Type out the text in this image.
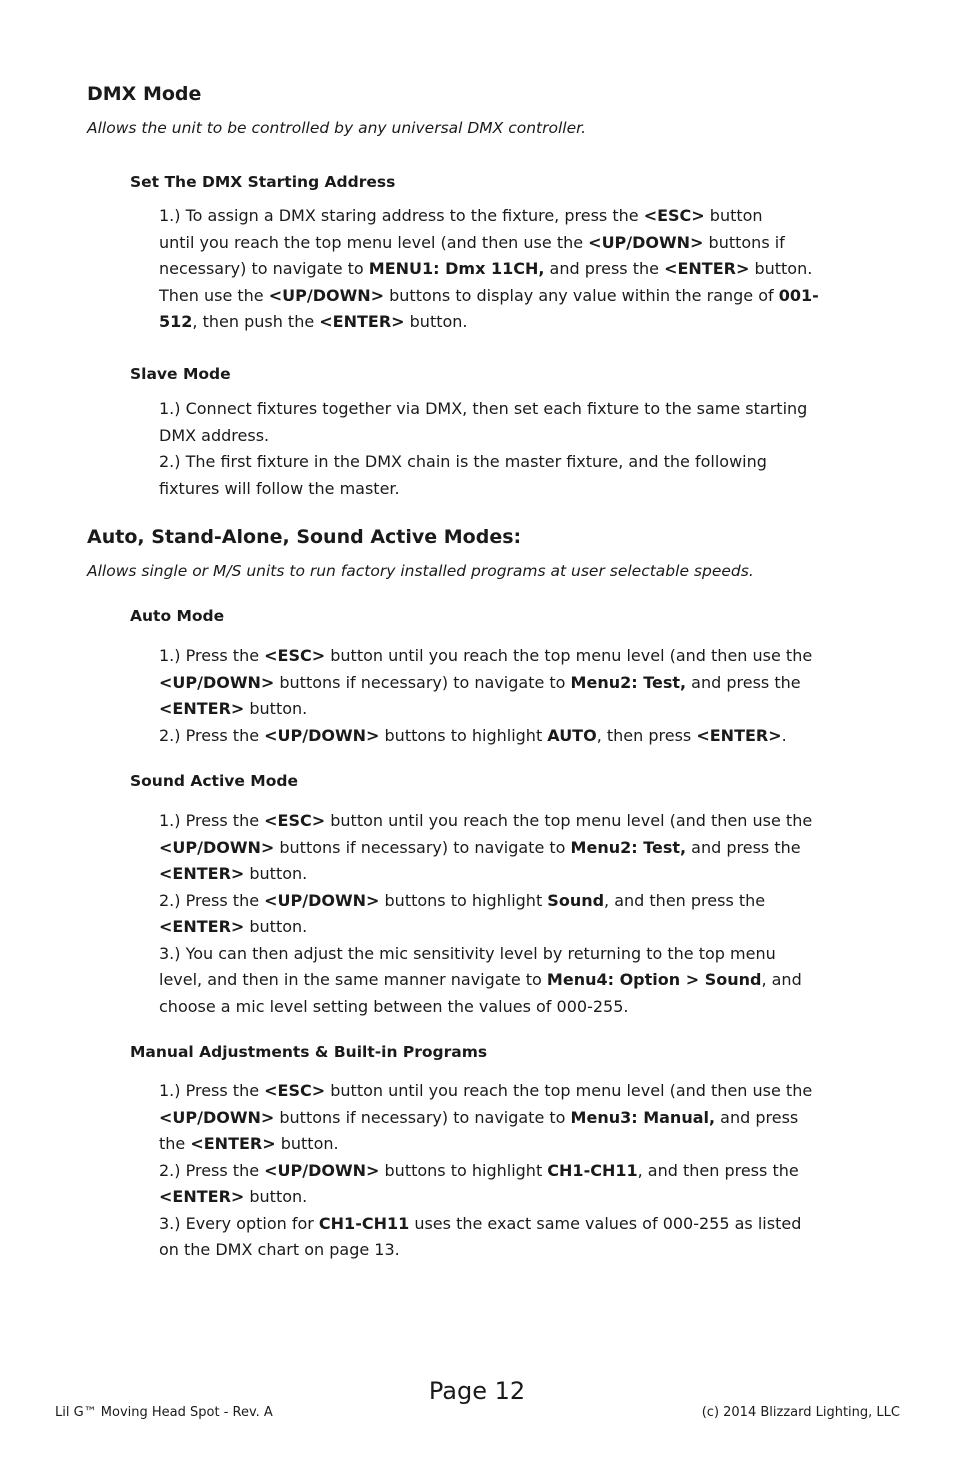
DMX Mode
Allows the unit to be controlled by any universal DMX controller.
Set The DMX Starting Address
1.) To assign a DMX staring address to the fixture, press the <ESC> button
until you reach the top menu level (and then use the <UP/DOWN> buttons if
necessary) to navigate to MENU1: Dmx 11CH, and press the <ENTER> button.
Then use the <UP/DOWN> buttons to display any value within the range of 001-
512, then push the <ENTER> button.
Slave Mode
1.) Connect fixtures together via DMX, then set each fixture to the same starting
DMX address.
2.) The first fixture in the DMX chain is the master fixture, and the following
fixtures will follow the master.
Auto, Stand-Alone, Sound Active Modes:
Allows single or M/S units to run factory installed programs at user selectable speeds.
Auto Mode
1.) Press the <ESC> button until you reach the top menu level (and then use the
<UP/DOWN> buttons if necessary) to navigate to Menu2: Test, and press the
<ENTER> button.
2.) Press the <UP/DOWN> buttons to highlight AUTO, then press <ENTER>.
Sound Active Mode
1.) Press the <ESC> button until you reach the top menu level (and then use the
<UP/DOWN> buttons if necessary) to navigate to Menu2: Test, and press the
<ENTER> button.
2.) Press the <UP/DOWN> buttons to highlight Sound, and then press the
<ENTER> button.
3.) You can then adjust the mic sensitivity level by returning to the top menu
level, and then in the same manner navigate to Menu4: Option > Sound, and
choose a mic level setting between the values of 000-255.
Manual Adjustments & Built-in Programs
1.) Press the <ESC> button until you reach the top menu level (and then use the
<UP/DOWN> buttons if necessary) to navigate to Menu3: Manual, and press
the <ENTER> button.
2.) Press the <UP/DOWN> buttons to highlight CH1-CH11, and then press the
<ENTER> button.
3.) Every option for CH1-CH11 uses the exact same values of 000-255 as listed
on the DMX chart on page 13.
Page 12
Lil G™ Moving Head Spot - Rev. A	(c) 2014 Blizzard Lighting, LLC
